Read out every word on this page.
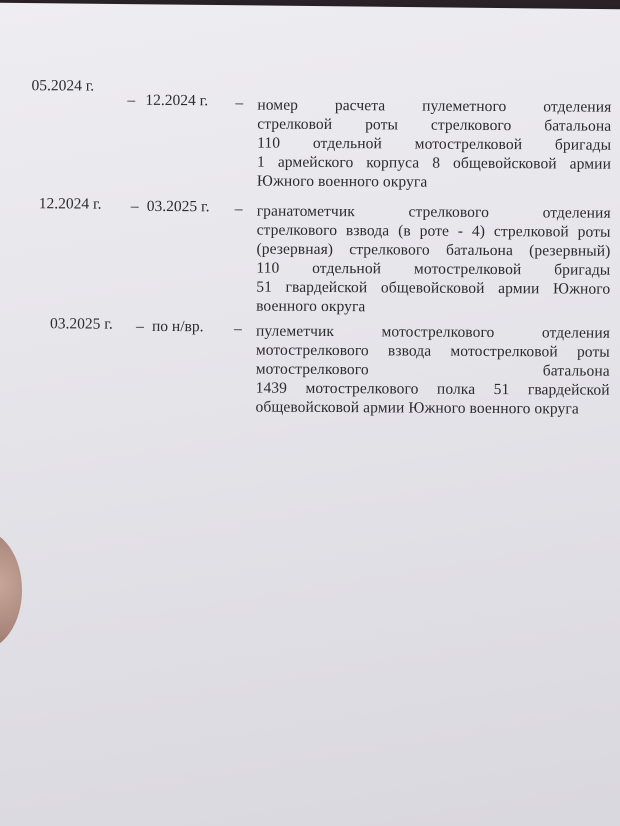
05.2024 г.
– 12.2024 г. – номер расчета пулеметного отделения
стрелковой роты стрелкового батальона
110 отдельной мотострелковой бригады
1 армейского корпуса 8 общевойсковой армии
Южного военного округа
12.2024 г. – 03.2025 г. – гранатометчик стрелкового отделения
стрелкового взвода (в роте - 4) стрелковой роты
(резервная) стрелкового батальона (резервный)
110 отдельной мотострелковой бригады
51 гвардейской общевойсковой армии Южного
военного округа
03.2025 г. – по н/вр. – пулеметчик мотострелкового отделения
мотострелкового взвода мотострелковой роты
мотострелкового батальона
1439 мотострелкового полка 51 гвардейской
общевойсковой армии Южного военного округа
